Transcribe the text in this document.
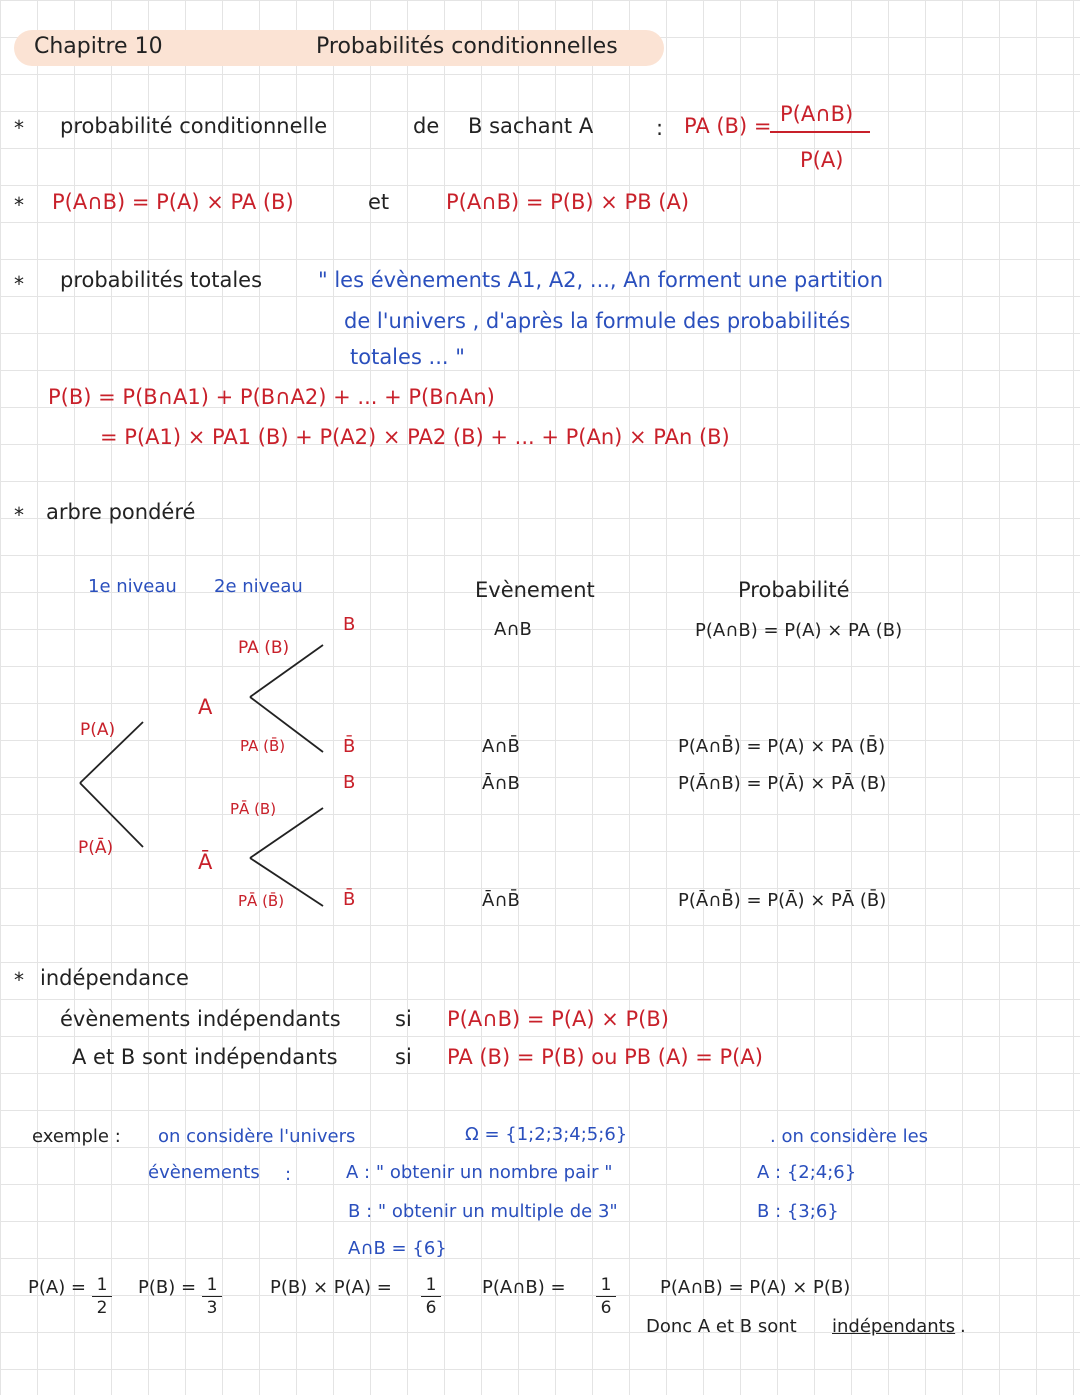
Chapitre 10	Probabilités conditionnelles
* probabilité conditionnelle	de B sachant A	: PA (B) = P(A∩B)
P(A)
* P(A∩B) = P(A) × PA (B)	et	P(A∩B) = P(B) × PB (A)
* probabilités totales	" les évènements A1, A2, ..., An forment une partition
de l'univers , d'après la formule des probabilités
totales ... "
P(B) = P(B∩A1) + P(B∩A2) + ... + P(B∩An)
= P(A1) × PA1 (B) + P(A2) × PA2 (B) + ... + P(An) × PAn (B)
* arbre pondéré
1e niveau 2e niveau	Evènement	Probabilité
P(A)
P(Ā)
A
Ā
PA (B)
PA (B̄)
PĀ (B)
PĀ (B̄)
B
B̄
B
B̄
A∩B	P(A∩B) = P(A) × PA (B)
A∩B̄	P(A∩B̄) = P(A) × PA (B̄)
Ā∩B	P(Ā∩B) = P(Ā) × PĀ (B)
Ā∩B̄	P(Ā∩B̄) = P(Ā) × PĀ (B̄)
* indépendance
évènements indépendants	si P(A∩B) = P(A) × P(B)
A et B sont indépendants	si PA (B) = P(B) ou PB (A) = P(A)
exemple : on considère l'univers	Ω = {1;2;3;4;5;6}	. on considère les
évènements :	A : " obtenir un nombre pair "	A : {2;4;6}
B : " obtenir un multiple de 3"	B : {3;6}
A∩B = {6}
$P(A) = \frac{1}{2} P(B) = \frac{1}{3}$	$P(B) \times P(A) = \frac{1}{6}$ P(A∩B) = $\frac{1}{6}$ P(A∩B) = P(A) × P(B)
Donc A et B sont indépendants .
